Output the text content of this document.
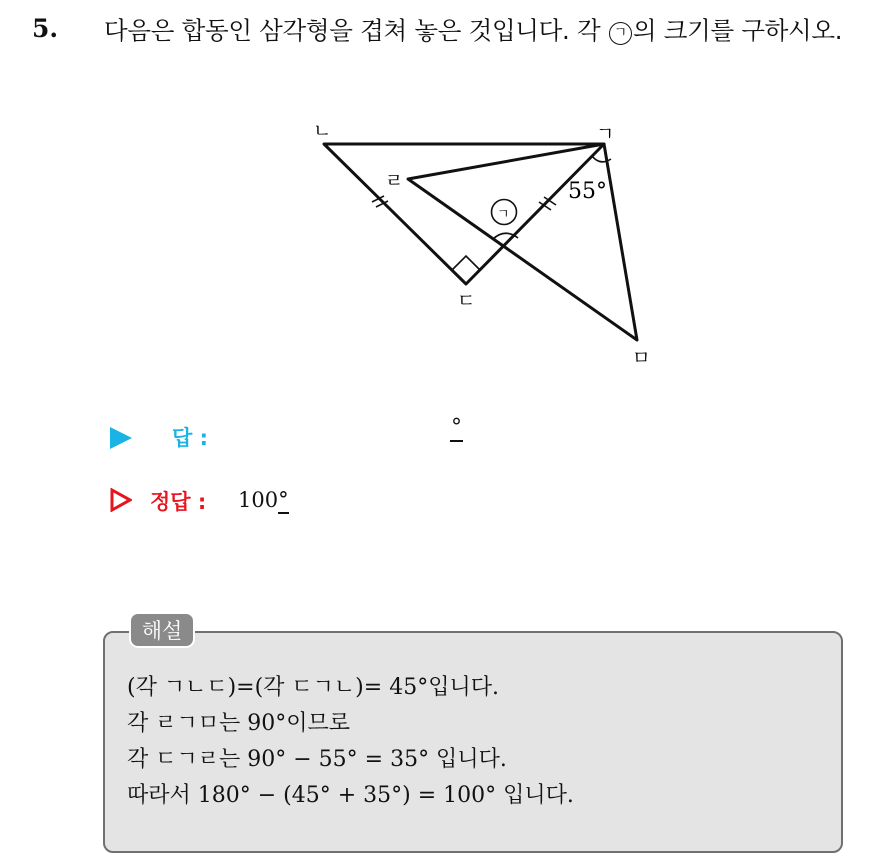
5. 다음은 합동인 삼각형을 겹쳐 놓은 것입니다. 각 ㄱ 의 크기를 구하시오.
ㄱ
ㄴ
ㄷ
ㄹ
ㅁ
55°
ㄱ
답 :	°
정답 : 100°
해설
(각 ㄱㄴㄷ)=(각 ㄷㄱㄴ)= 45°입니다.
각 ㄹㄱㅁ는 90°이므로
각 ㄷㄱㄹ는 90° − 55° = 35° 입니다.
따라서 180° − (45° + 35°) = 100° 입니다.
